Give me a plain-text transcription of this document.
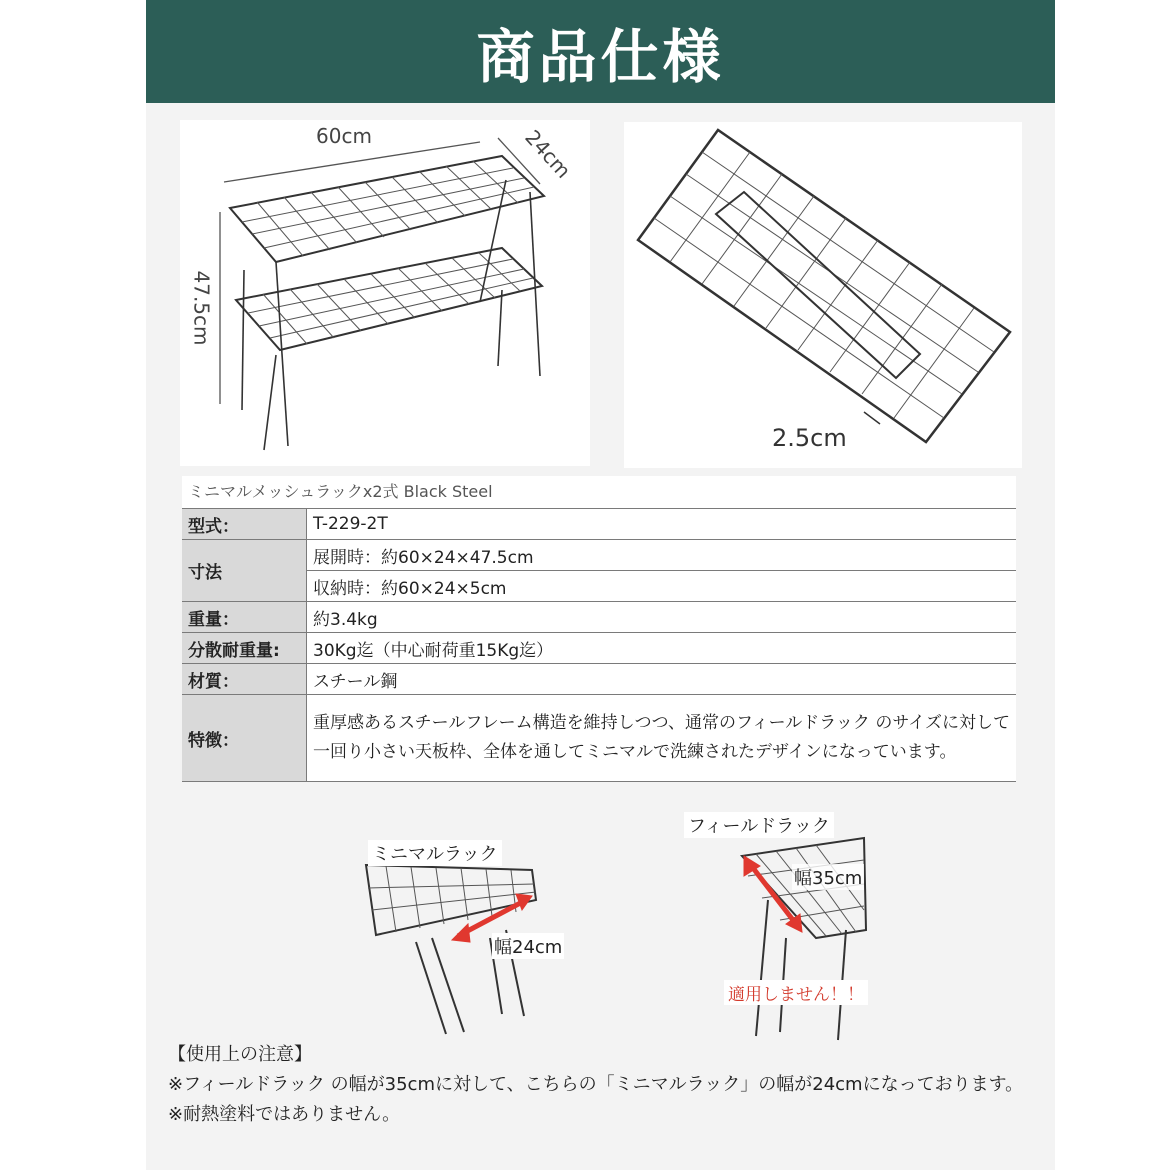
商品仕様
60cm	24cm
47.5cm
2.5cm
ミニマルメッシュラックx2式 Black Steel
型式：	T-229-2T
寸法	展開時：約60×24×47.5cm
	収納時：約60×24×5cm
重量：	約3.4kg
分散耐重量:	30Kg迄（中心耐荷重15Kg迄）
材質：	スチール鋼
特徴：	重厚感あるスチールフレーム構造を維持しつつ、通常のフィールドラック のサイズに対して一回り小さい天板枠、全体を通してミニマルで洗練されたデザインになっています。
ミニマルラック
幅24cm
フィールドラック
幅35cm
適用しません！！
【使用上の注意】
※フィールドラック の幅が35cmに対して、こちらの「ミニマルラック」の幅が24cmになっております。
※耐熱塗料ではありません。
